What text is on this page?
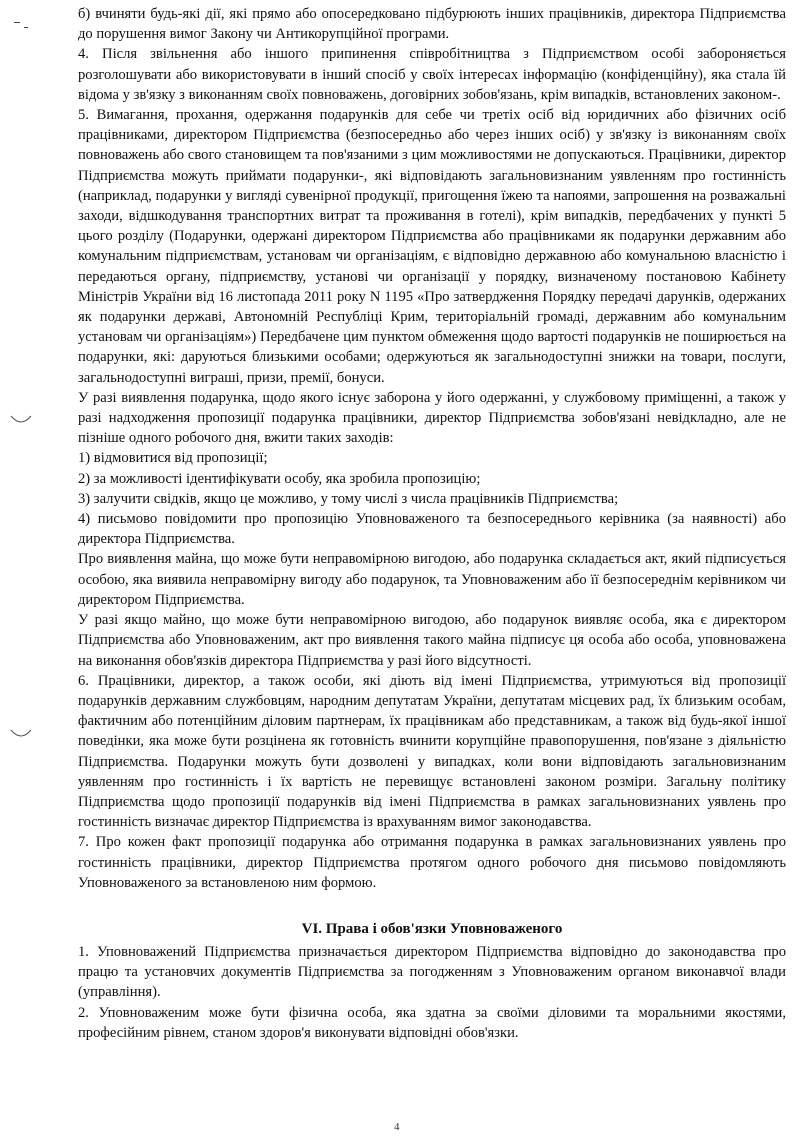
б) вчиняти будь-які дії, які прямо або опосередковано підбурюють інших працівників, директора Підприємства до порушення вимог Закону чи Антикорупційної програми.

4. Після звільнення або іншого припинення співробітництва з Підприємством особі забороняється розголошувати або використовувати в інший спосіб у своїх інтересах інформацію (конфіденційну), яка стала їй відома у зв'язку з виконанням своїх повноважень, договірних зобов'язань, крім випадків, встановлених законом-.

5. Вимагання, прохання, одержання подарунків для себе чи третіх осіб від юридичних або фізичних осіб працівниками, директором Підприємства (безпосередньо або через інших осіб) у зв'язку із виконанням своїх повноважень або свого становищем та пов'язаними з цим можливостями не допускаються. Працівники, директор Підприємства можуть приймати подарунки-, які відповідають загальновизнаним уявленням про гостинність (наприклад, подарунки у вигляді сувенірної продукції, пригощення їжею та напоями, запрошення на розважальні заходи, відшкодування транспортних витрат та проживання в готелі), крім випадків, передбачених у пункті 5 цього розділу (Подарунки, одержані директором Підприємства або працівниками як подарунки державним або комунальним підприємствам, установам чи організаціям, є відповідно державною або комунальною власністю і передаються органу, підприємству, установі чи організації у порядку, визначеному постановою Кабінету Міністрів України від 16 листопада 2011 року N 1195 «Про затвердження Порядку передачі дарунків, одержаних як подарунки державі, Автономній Республіці Крим, територіальній громаді, державним або комунальним установам чи організаціям») Передбачене цим пунктом обмеження щодо вартості подарунків не поширюється на подарунки, які: даруються близькими особами; одержуються як загальнодоступні знижки на товари, послуги, загальнодоступні виграші, призи, премії, бонуси.

У разі виявлення подарунка, щодо якого існує заборона у його одержанні, у службовому приміщенні, а також у разі надходження пропозиції подарунка працівники, директор Підприємства зобов'язані невідкладно, але не пізніше одного робочого дня, вжити таких заходів:

1) відмовитися від пропозиції;

2) за можливості ідентифікувати особу, яка зробила пропозицію;

3) залучити свідків, якщо це можливо, у тому числі з числа працівників Підприємства;

4) письмово повідомити про пропозицію Уповноваженого та безпосереднього керівника (за наявності) або директора Підприємства.

Про виявлення майна, що може бути неправомірною вигодою, або подарунка складається акт, який підписується особою, яка виявила неправомірну вигоду або подарунок, та Уповноваженим або її безпосереднім керівником чи директором Підприємства.

У разі якщо майно, що може бути неправомірною вигодою, або подарунок виявляє особа, яка є директором Підприємства або Уповноваженим, акт про виявлення такого майна підписує ця особа або особа, уповноважена на виконання обов'язків директора Підприємства у разі його відсутності.

6. Працівники, директор, а також особи, які діють від імені Підприємства, утримуються від пропозиції подарунків державним службовцям, народним депутатам України, депутатам місцевих рад, їх близьким особам, фактичним або потенційним діловим партнерам, їх працівникам або представникам, а також від будь-якої іншої поведінки, яка може бути розцінена як готовність вчинити корупційне правопорушення, пов'язане з діяльністю Підприємства. Подарунки можуть бути дозволені у випадках, коли вони відповідають загальновизнаним уявленням про гостинність і їх вартість не перевищує встановлені законом розміри. Загальну політику Підприємства щодо пропозиції подарунків від імені Підприємства в рамках загальновизнаних уявлень про гостинність визначає директор Підприємства із врахуванням вимог законодавства.

7. Про кожен факт пропозиції подарунка або отримання подарунка в рамках загальновизнаних уявлень про гостинність працівники, директор Підприємства протягом одного робочого дня письмово повідомляють Уповноваженого за встановленою ним формою.

VI. Права і обов'язки Уповноваженого

1. Уповноважений Підприємства призначається директором Підприємства відповідно до законодавства про працю та установчих документів Підприємства за погодженням з Уповноваженим органом виконавчої влади (управління).

2. Уповноваженим може бути фізична особа, яка здатна за своїми діловими та моральними якостями, професійним рівнем, станом здоров'я виконувати відповідні обов'язки.

4
